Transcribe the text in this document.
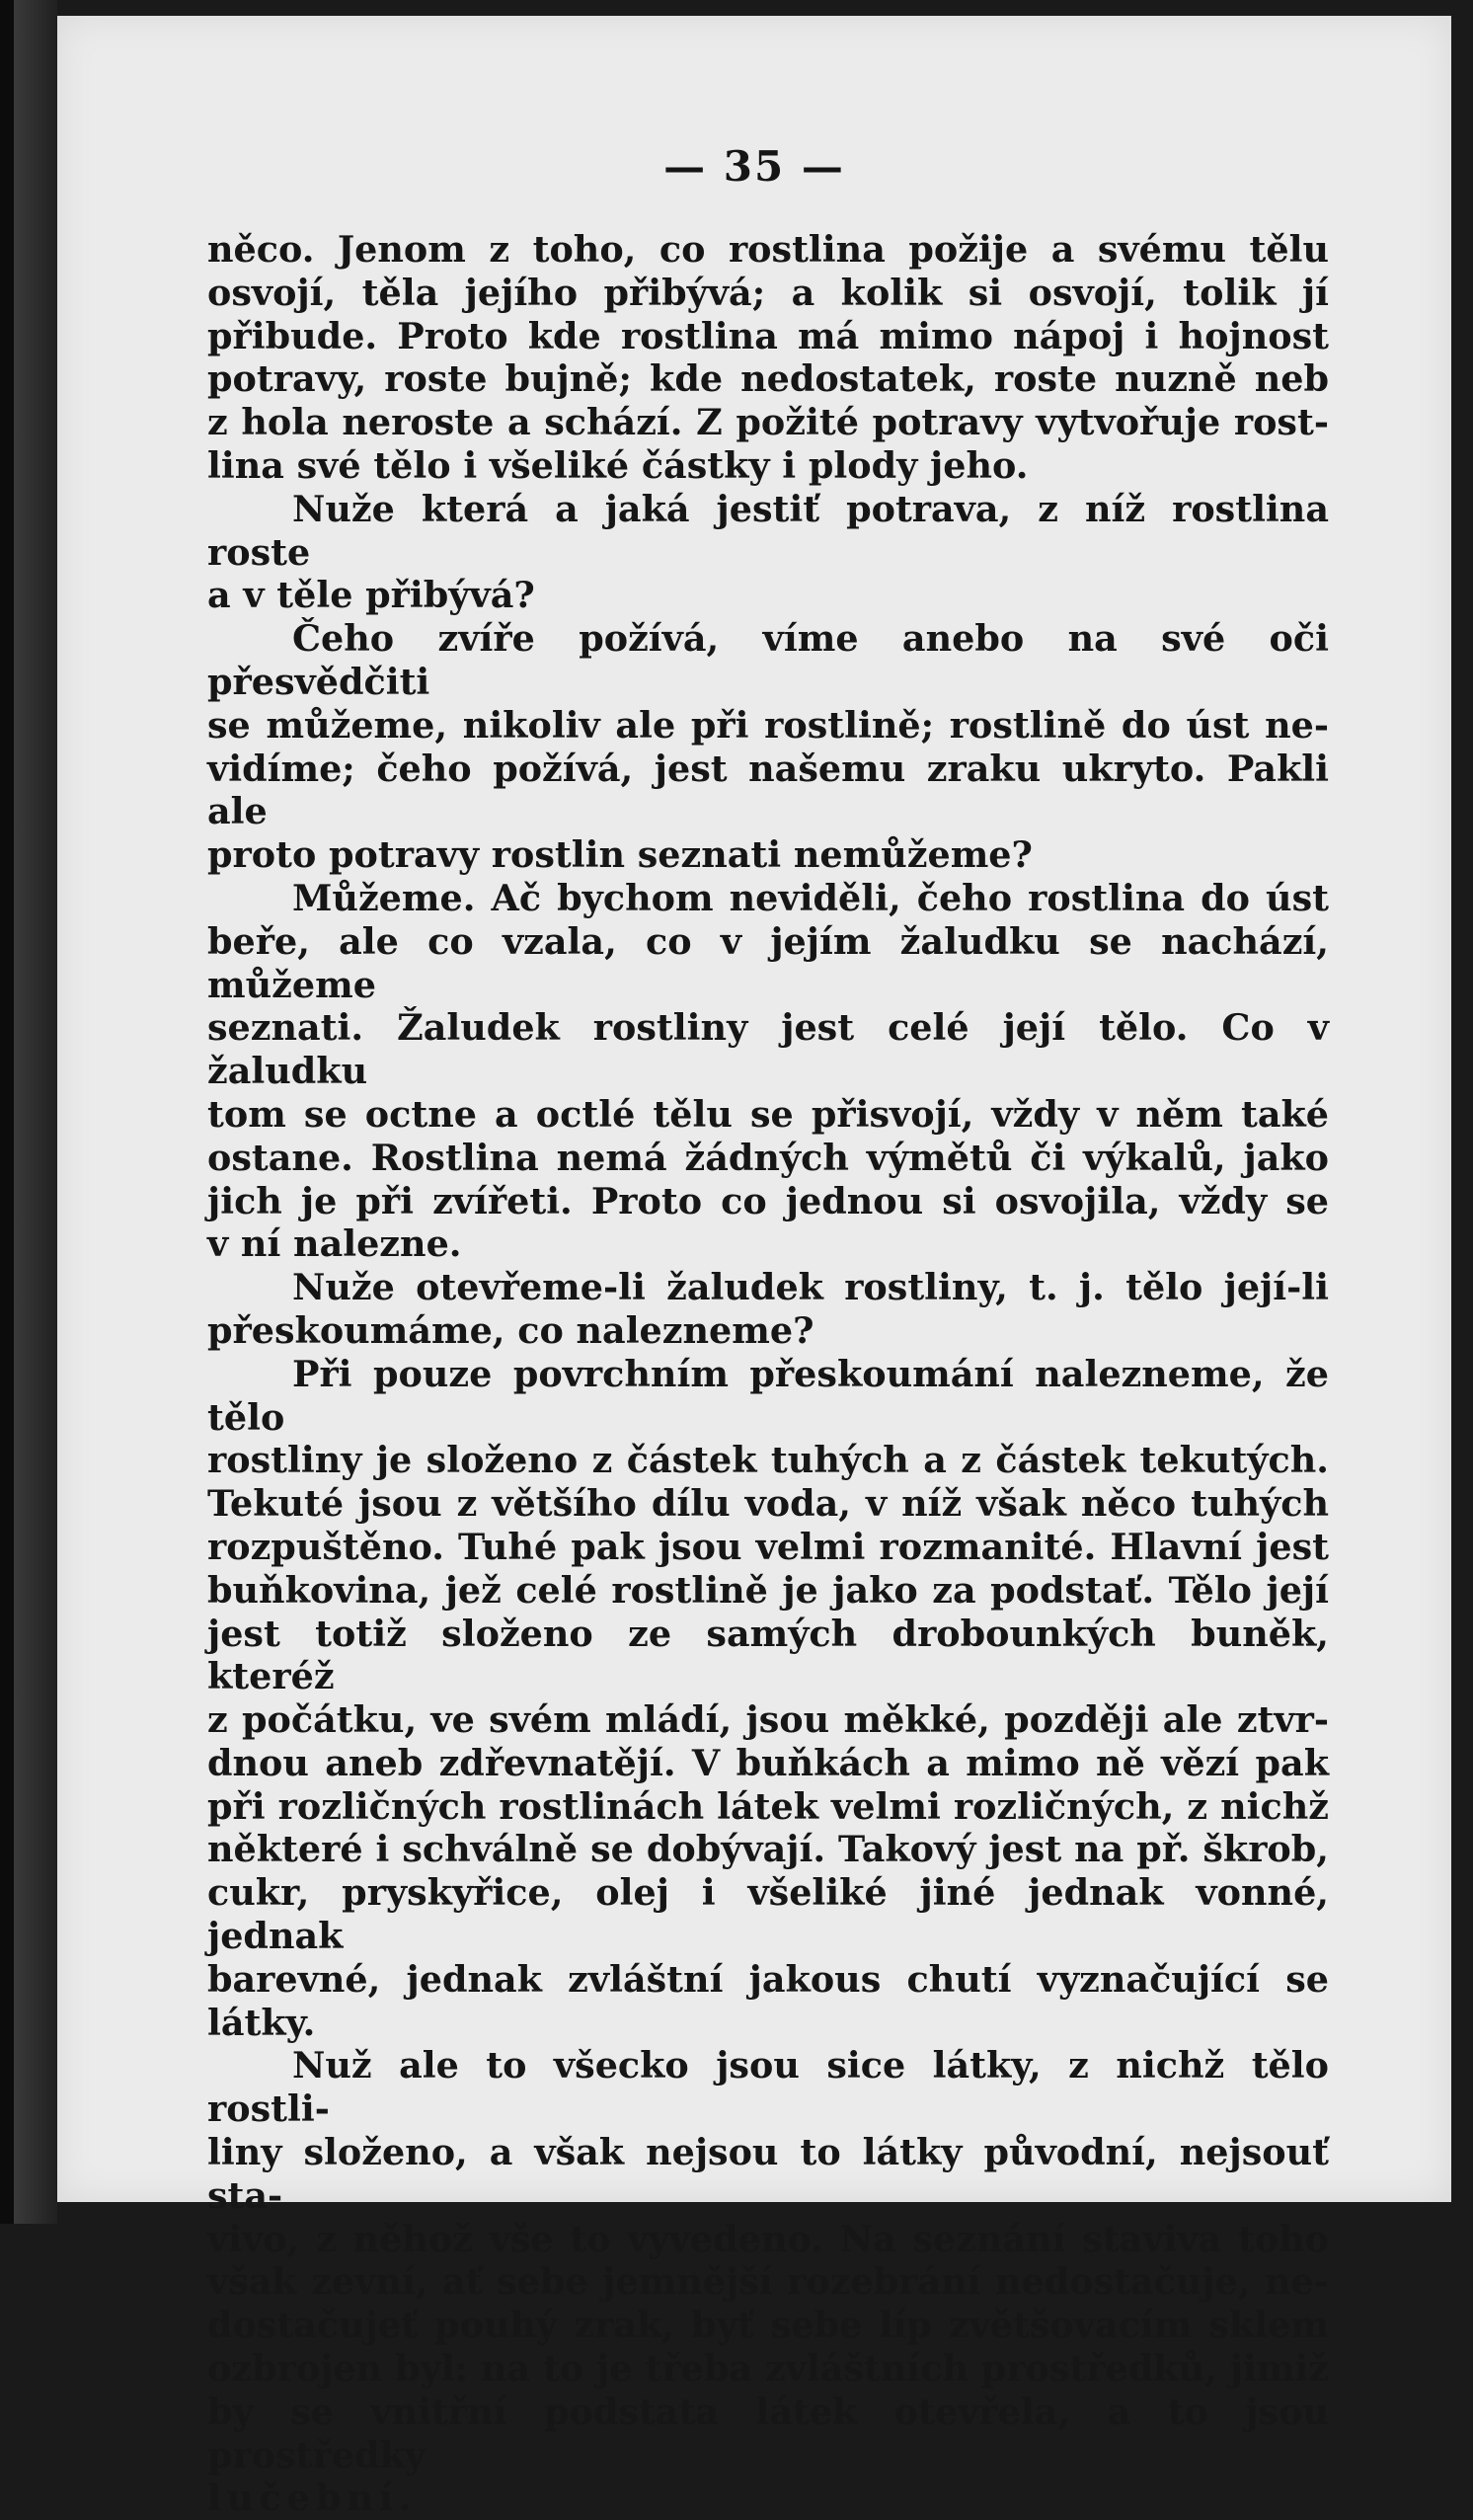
— 35 —

něco. Jenom z toho, co rostlina požije a svému tělu

osvojí, těla jejího přibývá; a kolik si osvojí, tolik jí

přibude. Proto kde rostlina má mimo nápoj i hojnost

potravy, roste bujně; kde nedostatek, roste nuzně neb

z hola neroste a schází. Z požité potravy vytvořuje rost-

lina své tělo i všeliké částky i plody jeho.

Nuže která a jaká jestiť potrava, z níž rostlina roste

a v těle přibývá?

Čeho zvíře požívá, víme anebo na své oči přesvědčiti

se můžeme, nikoliv ale při rostlině; rostlině do úst ne-

vidíme; čeho požívá, jest našemu zraku ukryto. Pakli ale

proto potravy rostlin seznati nemůžeme?

Můžeme. Ač bychom neviděli, čeho rostlina do úst

beře, ale co vzala, co v jejím žaludku se nachází, můžeme

seznati. Žaludek rostliny jest celé její tělo. Co v žaludku

tom se octne a octlé tělu se přisvojí, vždy v něm také

ostane. Rostlina nemá žádných výmětů či výkalů, jako

jich je při zvířeti. Proto co jednou si osvojila, vždy se

v ní nalezne.

Nuže otevřeme-li žaludek rostliny, t. j. tělo její-li

přeskoumáme, co nalezneme?

Při pouze povrchním přeskoumání nalezneme, že tělo

rostliny je složeno z částek tuhých a z částek tekutých.

Tekuté jsou z většího dílu voda, v níž však něco tuhých

rozpuštěno. Tuhé pak jsou velmi rozmanité. Hlavní jest

buňkovina, jež celé rostlině je jako za podstať. Tělo její

jest totiž složeno ze samých drobounkých buněk, kteréž

z počátku, ve svém mládí, jsou měkké, později ale ztvr-

dnou aneb zdřevnatějí. V buňkách a mimo ně vězí pak

při rozličných rostlinách látek velmi rozličných, z nichž

některé i schválně se dobývají. Takový jest na př. škrob,

cukr, pryskyřice, olej i všeliké jiné jednak vonné, jednak

barevné, jednak zvláštní jakous chutí vyznačující se látky.

Nuž ale to všecko jsou sice látky, z nichž tělo rostli-

liny složeno, a však nejsou to látky původní, nejsouť sta-

vivo, z něhož vše to vyvedeno. Na seznání staviva toho

však zevní, ať sebe jemnější rozebrání nedostačuje, ne-

dostačujeť pouhý zrak, byť sebe líp zvětšovacím sklem

ozbrojen byl: na to je třeba zvláštních prostředků, jimiž

by se vnitřní podstata látek otevřela, a to jsou prostředky

lučební.
